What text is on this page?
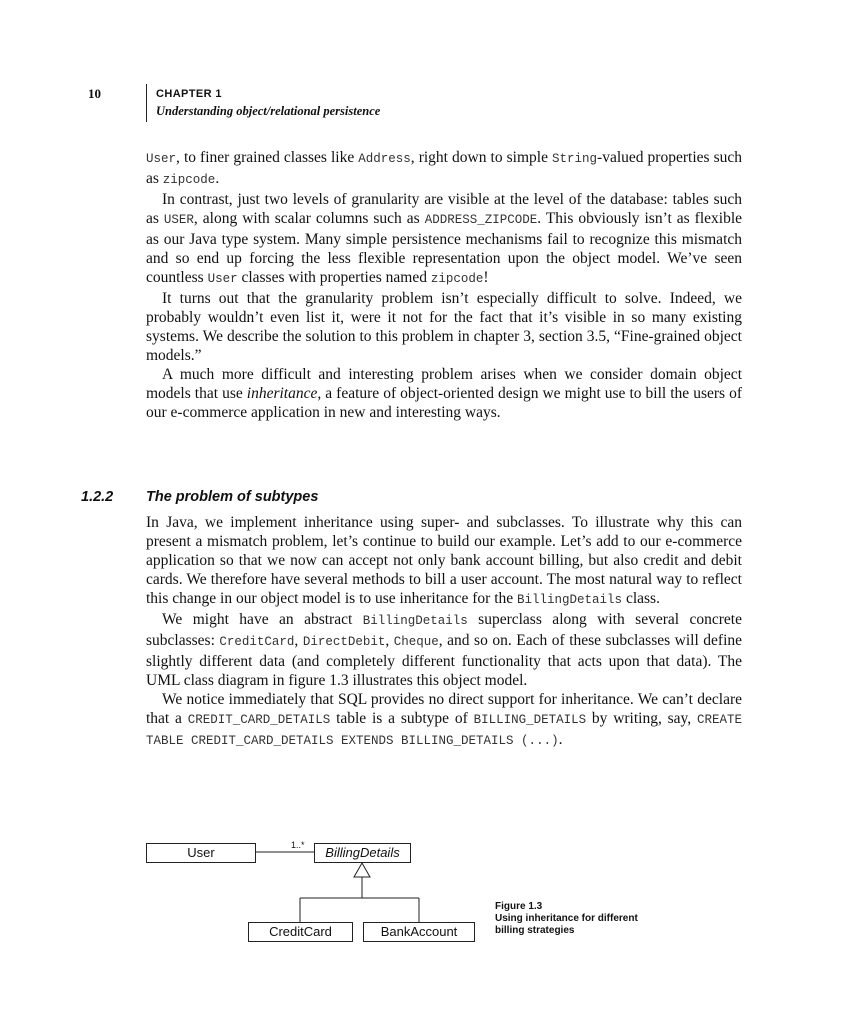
10	CHAPTER 1
Understanding object/relational persistence

User, to finer grained classes like Address, right down to simple String-valued properties such as zipcode.

In contrast, just two levels of granularity are visible at the level of the database: tables such as USER, along with scalar columns such as ADDRESS_ZIPCODE. This obviously isn’t as flexible as our Java type system. Many simple persistence mechanisms fail to recognize this mismatch and so end up forcing the less flexible representation upon the object model. We’ve seen countless User classes with properties named zipcode!

It turns out that the granularity problem isn’t especially difficult to solve. Indeed, we probably wouldn’t even list it, were it not for the fact that it’s visible in so many existing systems. We describe the solution to this problem in chapter 3, section 3.5, “Fine-grained object models.”

A much more difficult and interesting problem arises when we consider domain object models that use inheritance, a feature of object-oriented design we might use to bill the users of our e-commerce application in new and interesting ways.

1.2.2 The problem of subtypes

In Java, we implement inheritance using super- and subclasses. To illustrate why this can present a mismatch problem, let’s continue to build our example. Let’s add to our e-commerce application so that we now can accept not only bank account billing, but also credit and debit cards. We therefore have several methods to bill a user account. The most natural way to reflect this change in our object model is to use inheritance for the BillingDetails class.

We might have an abstract BillingDetails superclass along with several concrete subclasses: CreditCard, DirectDebit, Cheque, and so on. Each of these subclasses will define slightly different data (and completely different functionality that acts upon that data). The UML class diagram in figure 1.3 illustrates this object model.

We notice immediately that SQL provides no direct support for inheritance. We can’t declare that a CREDIT_CARD_DETAILS table is a subtype of BILLING_DETAILS by writing, say, CREATE TABLE CREDIT_CARD_DETAILS EXTENDS BILLING_DETAILS (...).

User	1..*	BillingDetails
CreditCard	BankAccount
Figure 1.3
Using inheritance for different
billing strategies
